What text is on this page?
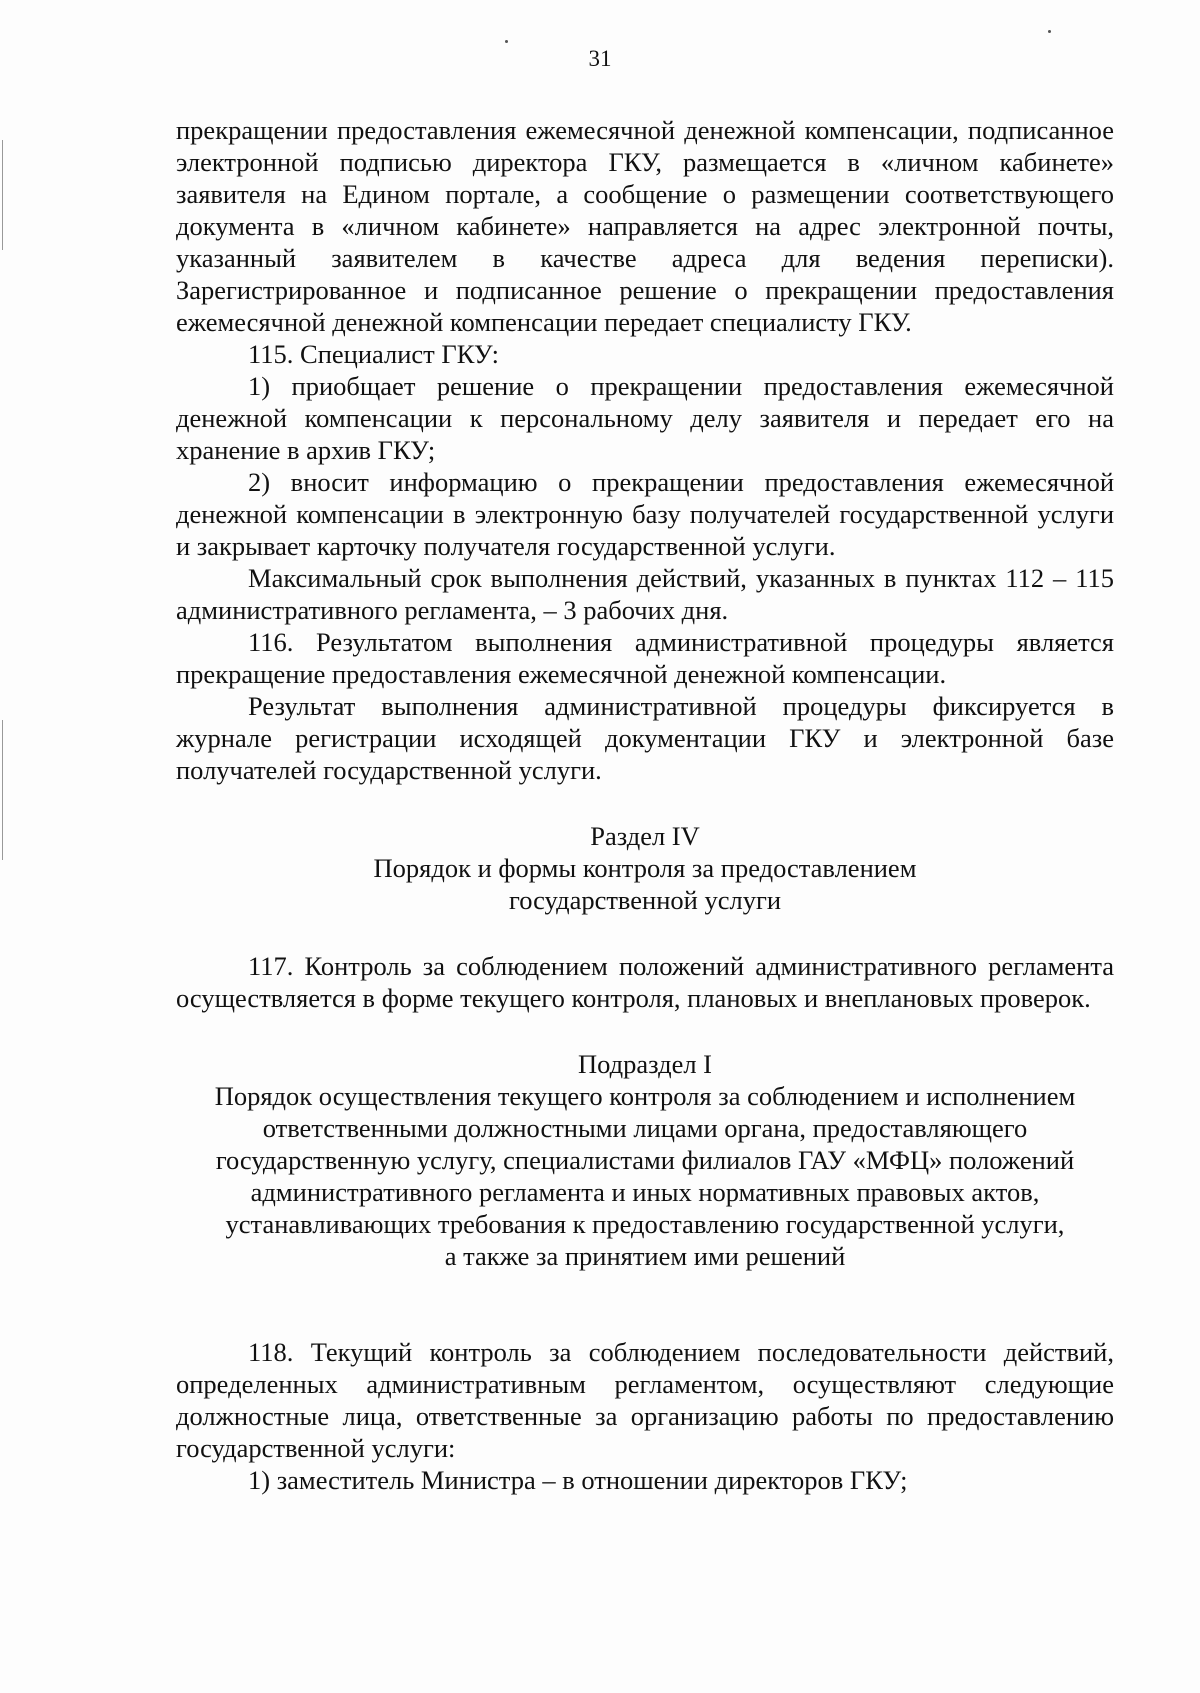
31

прекращении предоставления ежемесячной денежной компенсации, подписанное электронной подписью директора ГКУ, размещается в «личном кабинете» заявителя на Едином портале, а сообщение о размещении соответствующего документа в «личном кабинете» направляется на адрес электронной почты, указанный заявителем в качестве адреса для ведения переписки). Зарегистрированное и подписанное решение о прекращении предоставления ежемесячной денежной компенсации передает специалисту ГКУ.

115. Специалист ГКУ:

1) приобщает решение о прекращении предоставления ежемесячной денежной компенсации к персональному делу заявителя и передает его на хранение в архив ГКУ;

2) вносит информацию о прекращении предоставления ежемесячной денежной компенсации в электронную базу получателей государственной услуги и закрывает карточку получателя государственной услуги.

Максимальный срок выполнения действий, указанных в пунктах 112 – 115 административного регламента, – 3 рабочих дня.

116. Результатом выполнения административной процедуры является прекращение предоставления ежемесячной денежной компенсации.

Результат выполнения административной процедуры фиксируется в журнале регистрации исходящей документации ГКУ и электронной базе получателей государственной услуги.

Раздел IV
Порядок и формы контроля за предоставлением
государственной услуги

117. Контроль за соблюдением положений административного регламента осуществляется в форме текущего контроля, плановых и внеплановых проверок.

Подраздел I
Порядок осуществления текущего контроля за соблюдением и исполнением
ответственными должностными лицами органа, предоставляющего
государственную услугу, специалистами филиалов ГАУ «МФЦ» положений
административного регламента и иных нормативных правовых актов,
устанавливающих требования к предоставлению государственной услуги,
а также за принятием ими решений

118. Текущий контроль за соблюдением последовательности действий, определенных административным регламентом, осуществляют следующие должностные лица, ответственные за организацию работы по предоставлению государственной услуги:

1) заместитель Министра – в отношении директоров ГКУ;
